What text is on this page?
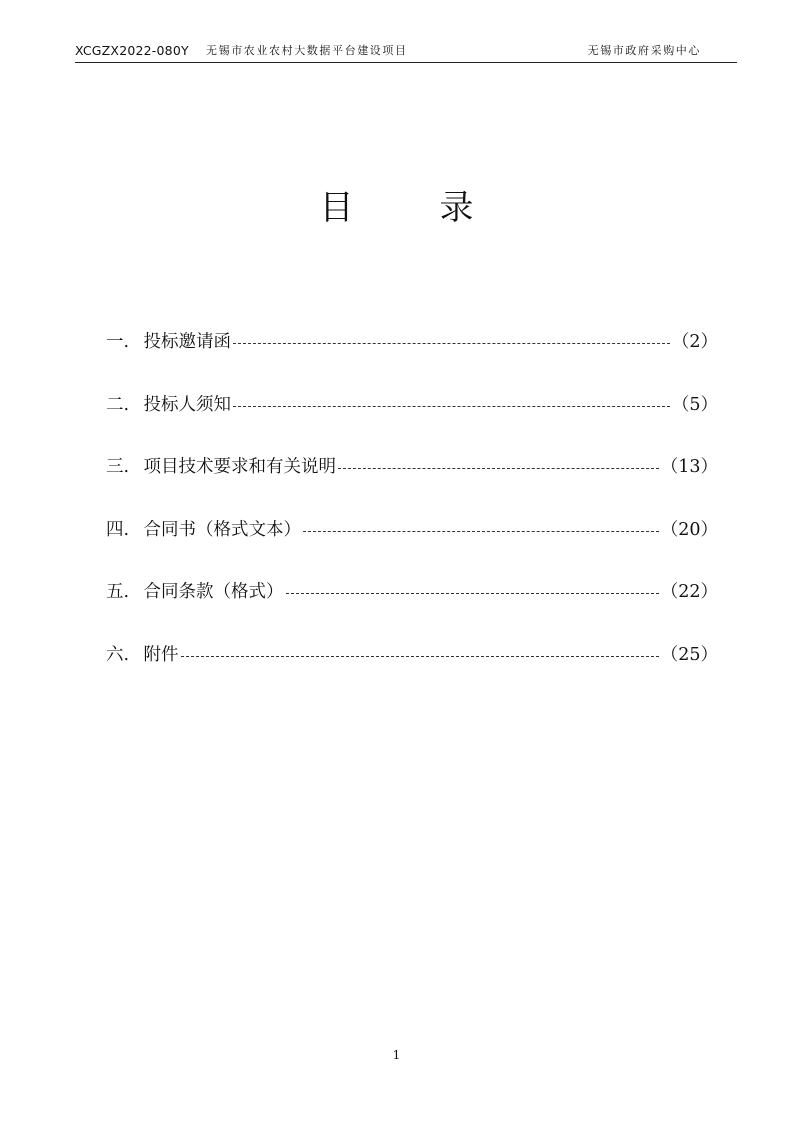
XCGZX2022-080Y 无锡市农业农村大数据平台建设项目	无锡市政府采购中心
目	录
一 . 投标邀请函	（2）
二 . 投标人须知	（5）
三 . 项目技术要求和有关说明	（13）
四 . 合同书（格式文本）	（20）
五 . 合同条款（格式）	（22）
六 . 附件	（25）
1
